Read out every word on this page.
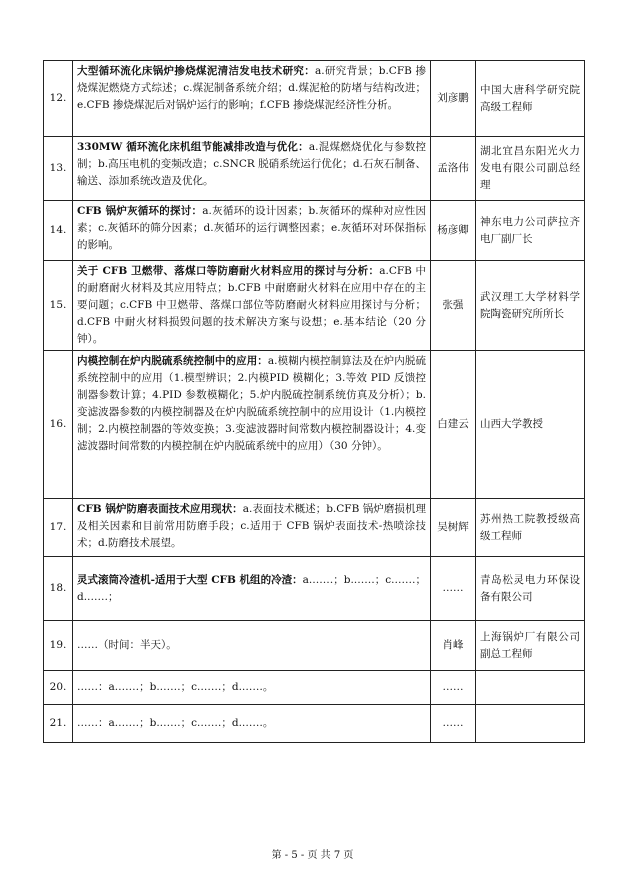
12.	大型循环流化床锅炉掺烧煤泥清洁发电技术研究：a.研究背景；b.CFB 掺烧煤泥燃烧方式综述；c.煤泥制备系统介绍；d.煤泥枪的防堵与结构改进；e.CFB 掺烧煤泥后对锅炉运行的影响；f.CFB 掺烧煤泥经济性分析。	刘彦鹏	中国大唐科学研究院高级工程师
13.	330MW 循环流化床机组节能减排改造与优化：a.混煤燃烧优化与参数控制；b.高压电机的变频改造；c.SNCR 脱硝系统运行优化；d.石灰石制备、输送、添加系统改造及优化。	孟洛伟	湖北宜昌东阳光火力发电有限公司副总经理
14.	CFB 锅炉灰循环的探讨：a.灰循环的设计因素；b.灰循环的煤种对应性因素；c.灰循环的筛分因素；d.灰循环的运行调整因素；e.灰循环对环保指标的影响。	杨彦卿	神东电力公司萨拉齐电厂副厂长
15.	关于 CFB 卫燃带、落煤口等防磨耐火材料应用的探讨与分析：a.CFB 中的耐磨耐火材料及其应用特点；b.CFB 中耐磨耐火材料在应用中存在的主要问题；c.CFB 中卫燃带、落煤口部位等防磨耐火材料应用探讨与分析；d.CFB 中耐火材料损毁问题的技术解决方案与设想；e.基本结论（20 分钟）。	张强	武汉理工大学材料学院陶瓷研究所所长
16.	内模控制在炉内脱硫系统控制中的应用：a.模糊内模控制算法及在炉内脱硫系统控制中的应用（1.模型辨识；2.内模PID 模糊化；3.等效 PID 反馈控制器参数计算；4.PID 参数模糊化；5.炉内脱硫控制系统仿真及分析）；b.变滤波器参数的内模控制器及在炉内脱硫系统控制中的应用设计（1.内模控制；2.内模控制器的等效变换；3.变滤波器时间常数内模控制器设计；4.变滤波器时间常数的内模控制在炉内脱硫系统中的应用）（30 分钟）。	白建云	山西大学教授
17.	CFB 锅炉防磨表面技术应用现状：a.表面技术概述；b.CFB 锅炉磨损机理及相关因素和目前常用防磨手段；c.适用于 CFB 锅炉表面技术-热喷涂技术；d.防磨技术展望。	吴树辉	苏州热工院教授级高级工程师
18.	灵式滚筒冷渣机-适用于大型 CFB 机组的冷渣：a.……；b.……；c.……；d.……；	……	青岛松灵电力环保设备有限公司
19.	……（时间：半天）。	肖峰	上海锅炉厂有限公司副总工程师
20.	……：a.……；b.……；c.……；d.……。	……	
21.	……：a.……；b.……；c.……；d.……。	……	
第 - 5 - 页 共 7 页
